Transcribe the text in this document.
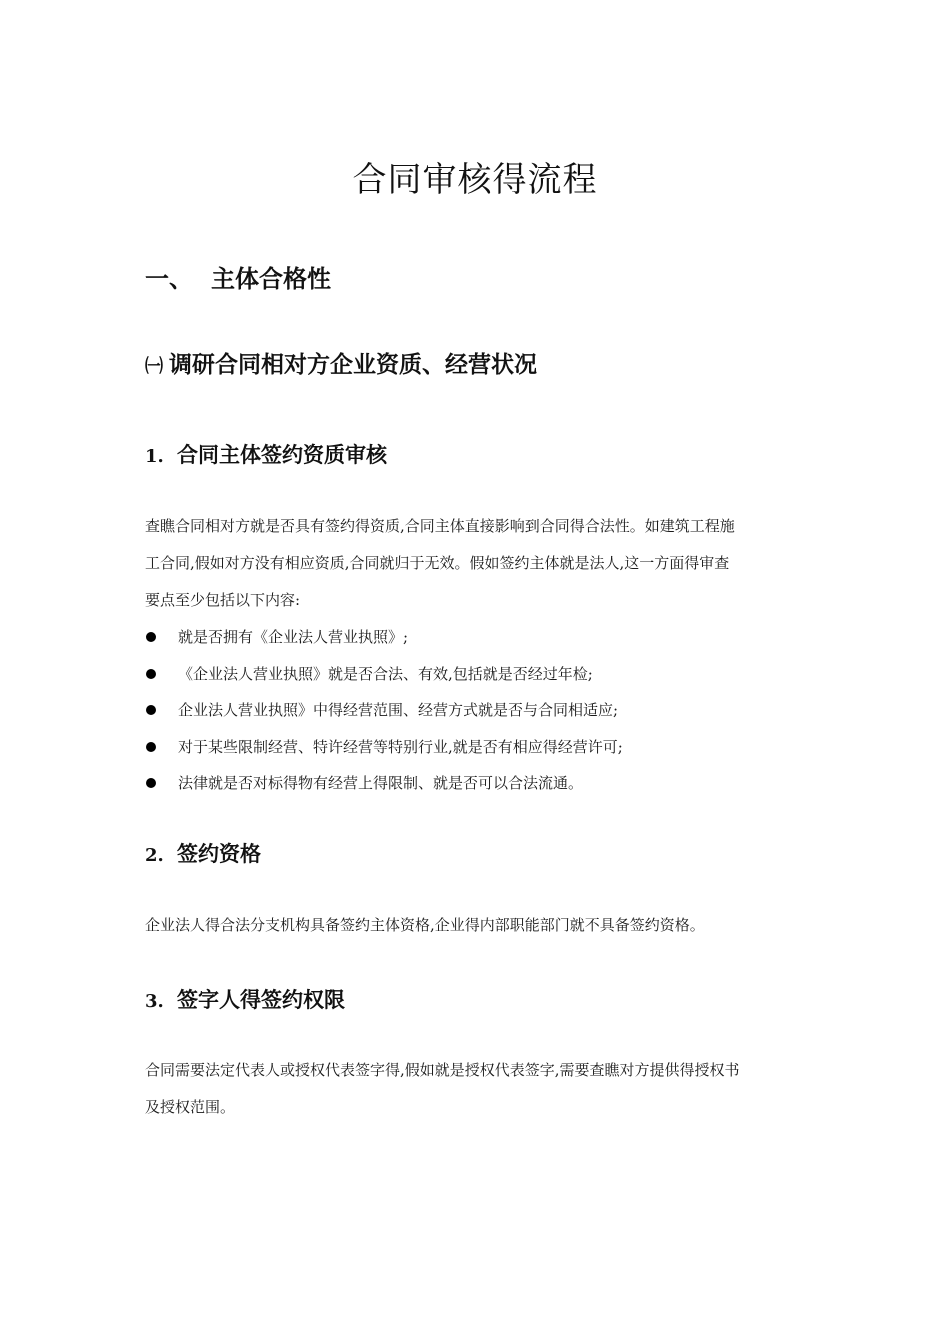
合同审核得流程
一、 主体合格性
㈠ 调研合同相对方企业资质、经营状况
1. 合同主体签约资质审核
查瞧合同相对方就是否具有签约得资质,合同主体直接影响到合同得合法性。如建筑工程施
工合同,假如对方没有相应资质,合同就归于无效。假如签约主体就是法人,这一方面得审查
要点至少包括以下内容:
就是否拥有《企业法人营业执照》;
《企业法人营业执照》就是否合法、有效,包括就是否经过年检;
企业法人营业执照》中得经营范围、经营方式就是否与合同相适应;
对于某些限制经营、特许经营等特别行业,就是否有相应得经营许可;
法律就是否对标得物有经营上得限制、就是否可以合法流通。
2. 签约资格
企业法人得合法分支机构具备签约主体资格,企业得内部职能部门就不具备签约资格。
3. 签字人得签约权限
合同需要法定代表人或授权代表签字得,假如就是授权代表签字,需要查瞧对方提供得授权书
及授权范围。
